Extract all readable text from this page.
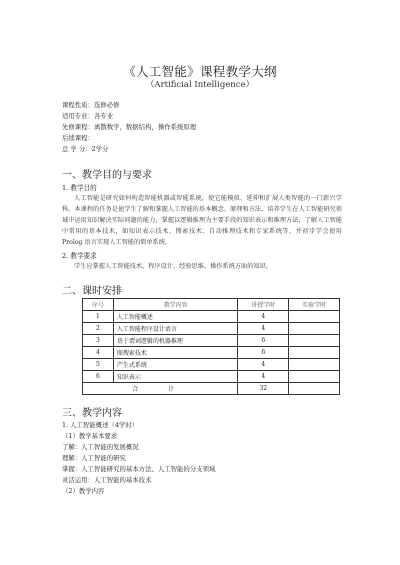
《人工智能》课程教学大纲
（Artificial Intelligence）
课程性质：选修必修
适用专业：各专业
先修课程：离散数学，数据结构，操作系统原理
后续课程：
总 学 分：2学分
一、教学目的与要求
1. 教学目的
人工智能是研究如何构造智能机器或智能系统，使它能模拟、延伸和扩展人类智能的一门新兴学科。本课程的任务是使学生了解和掌握人工智能的基本概念、原理和方法，培养学生在人工智能研究领域中运用知识解决实际问题的能力，掌握以逻辑推理为主要手段的知识表示和推理方法，了解人工智能中常用的基本技术，如知识表示技术、搜索技术、自动推理技术和专家系统等，并初步学会使用 Prolog 语言实现人工智能的简单系统。
2. 教学要求
学生应掌握人工智能技术、程序设计、经验思维、操作系统方面的知识。
二、课时安排
序号	教学内容	讲授学时	实验学时
1	人工智能概述	4	
2	人工智能程序设计语言	4	
3	基于谓词逻辑的机器推理	6	
4	图搜索技术	6	
5	产生式系统	4	
6	知识表示	4	
合 计		32	
三、教学内容
1. 人工智能概述（4学时）
（1）教学基本要求
了解：人工智能的发展概况
理解：人工智能的研究
掌握：人工智能研究的基本方法、人工智能的分支领域
灵活运用：人工智能的基本技术
（2）教学内容
